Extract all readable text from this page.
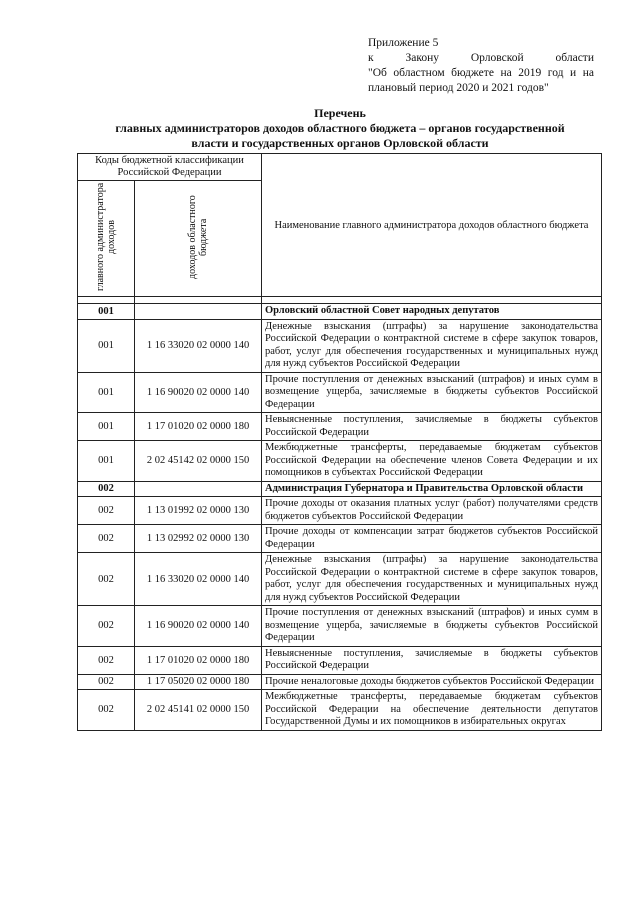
Приложение 5
к	Закону	Орловской	области
"Об областном бюджете на 2019 год и на плановый период 2020 и 2021 годов"
Перечень
главных администраторов доходов областного бюджета – органов государственной
власти и государственных органов Орловской области
Коды бюджетной классификации Российской Федерации		Наименование главного администратора доходов областного бюджета
главного администратора доходов	доходов областного бюджета	

001		Орловский областной Совет народных депутатов
001	1 16 33020 02 0000 140	Денежные взыскания (штрафы) за нарушение законодательства Российской Федерации о контрактной системе в сфере закупок товаров, работ, услуг для обеспечения государственных и муниципальных нужд для нужд субъектов Российской Федерации
001	1 16 90020 02 0000 140	Прочие поступления от денежных взысканий (штрафов) и иных сумм в возмещение ущерба, зачисляемые в бюджеты субъектов Российской Федерации
001	1 17 01020 02 0000 180	Невыясненные поступления, зачисляемые в бюджеты субъектов Российской Федерации
001	2 02 45142 02 0000 150	Межбюджетные трансферты, передаваемые бюджетам субъектов Российской Федерации на обеспечение членов Совета Федерации и их помощников в субъектах Российской Федерации
002		Администрация Губернатора и Правительства Орловской области
002	1 13 01992 02 0000 130	Прочие доходы от оказания платных услуг (работ) получателями средств бюджетов субъектов Российской Федерации
002	1 13 02992 02 0000 130	Прочие доходы от компенсации затрат бюджетов субъектов Российской Федерации
002	1 16 33020 02 0000 140	Денежные взыскания (штрафы) за нарушение законодательства Российской Федерации о контрактной системе в сфере закупок товаров, работ, услуг для обеспечения государственных и муниципальных нужд для нужд субъектов Российской Федерации
002	1 16 90020 02 0000 140	Прочие поступления от денежных взысканий (штрафов) и иных сумм в возмещение ущерба, зачисляемые в бюджеты субъектов Российской Федерации
002	1 17 01020 02 0000 180	Невыясненные поступления, зачисляемые в бюджеты субъектов Российской Федерации
002	1 17 05020 02 0000 180	Прочие неналоговые доходы бюджетов субъектов Российской Федерации
002	2 02 45141 02 0000 150	Межбюджетные трансферты, передаваемые бюджетам субъектов Российской Федерации на обеспечение деятельности депутатов Государственной Думы и их помощников в избирательных округах
